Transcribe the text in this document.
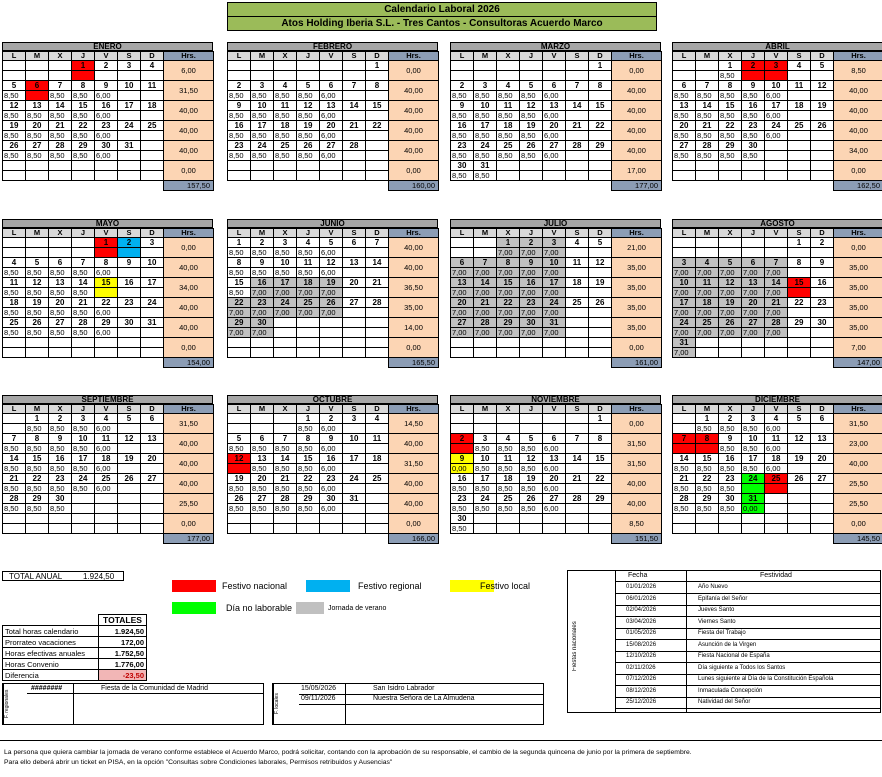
Calendario Laboral 2026
Atos Holding Iberia S.L. - Tres Cantos - Consultoras Acuerdo Marco
ENERO
L	M	X	J	V	S	D	Hrs.
			1	2	3	4	6,00

5	6	7	8	9	10	11	31,50
8,50		8,50	8,50	6,00			
12	13	14	15	16	17	18	40,00
8,50	8,50	8,50	8,50	6,00			
19	20	21	22	23	24	25	40,00
8,50	8,50	8,50	8,50	6,00			
26	27	28	29	30	31		40,00
8,50	8,50	8,50	8,50	6,00			
							0,00

							157,50
FEBRERO
L	M	X	J	V	S	D	Hrs.
						1	0,00

2	3	4	5	6	7	8	40,00
8,50	8,50	8,50	8,50	6,00			
9	10	11	12	13	14	15	40,00
8,50	8,50	8,50	8,50	6,00			
16	17	18	19	20	21	22	40,00
8,50	8,50	8,50	8,50	6,00			
23	24	25	26	27	28		40,00
8,50	8,50	8,50	8,50	6,00			
							0,00

							160,00
MARZO
L	M	X	J	V	S	D	Hrs.
						1	0,00

2	3	4	5	6	7	8	40,00
8,50	8,50	8,50	8,50	6,00			
9	10	11	12	13	14	15	40,00
8,50	8,50	8,50	8,50	6,00			
16	17	18	19	20	21	22	40,00
8,50	8,50	8,50	8,50	6,00			
23	24	25	26	27	28	29	40,00
8,50	8,50	8,50	8,50	6,00			
30	31						17,00
8,50	8,50						
							177,00
ABRIL
L	M	X	J	V	S	D	Hrs.
		1	2	3	4	5	8,50
		8,50					
6	7	8	9	10	11	12	40,00
8,50	8,50	8,50	8,50	6,00			
13	14	15	16	17	18	19	40,00
8,50	8,50	8,50	8,50	6,00			
20	21	22	23	24	25	26	40,00
8,50	8,50	8,50	8,50	6,00			
27	28	29	30				34,00
8,50	8,50	8,50	8,50				
							0,00

							162,50
MAYO
L	M	X	J	V	S	D	Hrs.
				1	2	3	0,00

4	5	6	7	8	9	10	40,00
8,50	8,50	8,50	8,50	6,00			
11	12	13	14	15	16	17	34,00
8,50	8,50	8,50	8,50				
18	19	20	21	22	23	24	40,00
8,50	8,50	8,50	8,50	6,00			
25	26	27	28	29	30	31	40,00
8,50	8,50	8,50	8,50	6,00			
							0,00

							154,00
JUNIO
L	M	X	J	V	S	D	Hrs.
1	2	3	4	5	6	7	40,00
8,50	8,50	8,50	8,50	6,00			
8	9	10	11	12	13	14	40,00
8,50	8,50	8,50	8,50	6,00			
15	16	17	18	19	20	21	36,50
8,50	7,00	7,00	7,00	7,00			
22	23	24	25	26	27	28	35,00
7,00	7,00	7,00	7,00	7,00			
29	30						14,00
7,00	7,00						
							0,00

							165,50
JULIO
L	M	X	J	V	S	D	Hrs.
		1	2	3	4	5	21,00
		7,00	7,00	7,00			
6	7	8	9	10	11	12	35,00
7,00	7,00	7,00	7,00	7,00			
13	14	15	16	17	18	19	35,00
7,00	7,00	7,00	7,00	7,00			
20	21	22	23	24	25	26	35,00
7,00	7,00	7,00	7,00	7,00			
27	28	29	30	31			35,00
7,00	7,00	7,00	7,00	7,00			
							0,00

							161,00
AGOSTO
L	M	X	J	V	S	D	Hrs.
					1	2	0,00

3	4	5	6	7	8	9	35,00
7,00	7,00	7,00	7,00	7,00			
10	11	12	13	14	15	16	35,00
7,00	7,00	7,00	7,00	7,00			
17	18	19	20	21	22	23	35,00
7,00	7,00	7,00	7,00	7,00			
24	25	26	27	28	29	30	35,00
7,00	7,00	7,00	7,00	7,00			
31							7,00
7,00							
							147,00
SEPTIEMBRE
L	M	X	J	V	S	D	Hrs.
	1	2	3	4	5	6	31,50
	8,50	8,50	8,50	6,00			
7	8	9	10	11	12	13	40,00
8,50	8,50	8,50	8,50	6,00			
14	15	16	17	18	19	20	40,00
8,50	8,50	8,50	8,50	6,00			
21	22	23	24	25	26	27	40,00
8,50	8,50	8,50	8,50	6,00			
28	29	30					25,50
8,50	8,50	8,50					
							0,00

							177,00
OCTUBRE
L	M	X	J	V	S	D	Hrs.
			1	2	3	4	14,50
			8,50	6,00			
5	6	7	8	9	10	11	40,00
8,50	8,50	8,50	8,50	6,00			
12	13	14	15	16	17	18	31,50
	8,50	8,50	8,50	6,00			
19	20	21	22	23	24	25	40,00
8,50	8,50	8,50	8,50	6,00			
26	27	28	29	30	31		40,00
8,50	8,50	8,50	8,50	6,00			
							0,00

							166,00
NOVIEMBRE
L	M	X	J	V	S	D	Hrs.
						1	0,00

2	3	4	5	6	7	8	31,50
	8,50	8,50	8,50	6,00			
9	10	11	12	13	14	15	31,50
0,00	8,50	8,50	8,50	6,00			
16	17	18	19	20	21	22	40,00
8,50	8,50	8,50	8,50	6,00			
23	24	25	26	27	28	29	40,00
8,50	8,50	8,50	8,50	6,00			
30							8,50
8,50							
							151,50
DICIEMBRE
L	M	X	J	V	S	D	Hrs.
	1	2	3	4	5	6	31,50
	8,50	8,50	8,50	6,00			
7	8	9	10	11	12	13	23,00
		8,50	8,50	6,00			
14	15	16	17	18	19	20	40,00
8,50	8,50	8,50	8,50	6,00			
21	22	23	24	25	26	27	25,50
8,50	8,50	8,50					
28	29	30	31				25,50
8,50	8,50	8,50	0,00				
							0,00

							145,50
TOTAL ANUAL	1.924,50
	TOTALES
Total horas calendario	1.924,50
Prorrateo vacaciones	172,00
Horas efectivas anuales	1.752,50
Horas Convenio	1.776,00
Diferencia	-23,50
Festivo nacional	Festivo regional	Festivo local
Día no laborable	Jornada de verano
F. regionales
########	Fiesta de la Comunidad de Madrid
F. locales
15/05/2026	San Isidro Labrador
09/11/2026	Nuestra Señora de La Almudena
Fiestas nacionales
Fecha	Festividad
01/01/2026	Año Nuevo
06/01/2026	Epifanía del Señor
02/04/2026	Jueves Santo
03/04/2026	Viernes Santo
01/05/2026	Fiesta del Trabajo
15/08/2026	Asunción de la Virgen
12/10/2026	Fiesta Nacional de España
02/11/2026	Día siguiente a Todos los Santos
07/12/2026	Lunes siguiente al Día de la Constitución Española
08/12/2026	Inmaculada Concepción
25/12/2026	Natividad del Señor
La persona que quiera cambiar la jornada de verano conforme establece el Acuerdo Marco, podrá solicitar, contando con la aprobación de su responsable, el cambio de la segunda quincena de junio por la primera de septiembre.
Para ello deberá abrir un ticket en PISA, en la opción "Consultas sobre Condiciones laborales, Permisos retribuidos y Ausencias"
